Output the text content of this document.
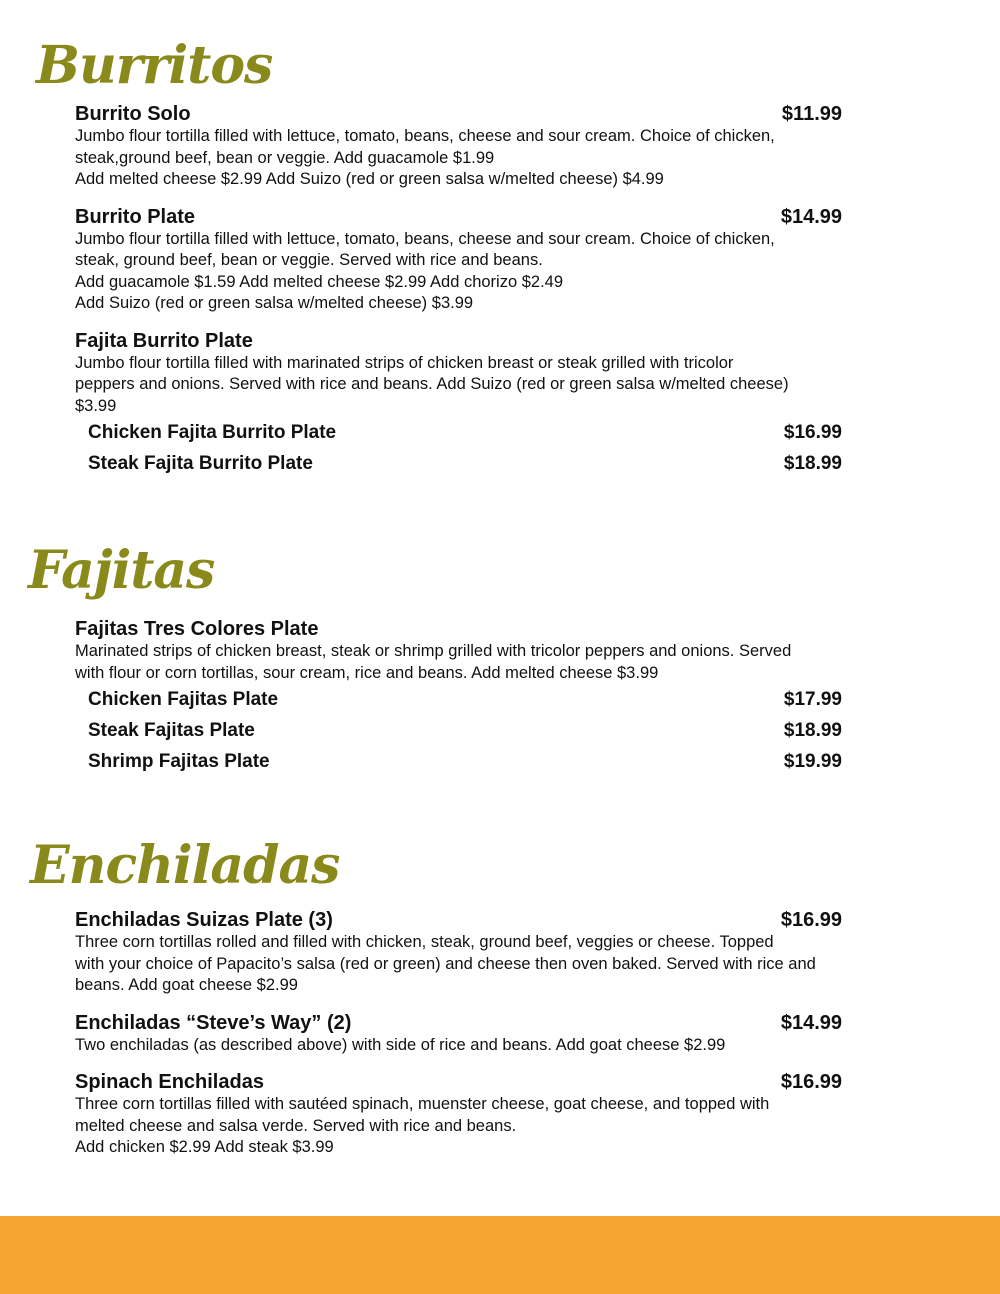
Burritos
Burrito Solo	$11.99

Jumbo flour tortilla filled with lettuce, tomato, beans, cheese and sour cream. Choice of chicken,
steak,ground beef, bean or veggie. Add guacamole $1.99
Add melted cheese $2.99 Add Suizo (red or green salsa w/melted cheese) $4.99

Burrito Plate	$14.99

Jumbo flour tortilla filled with lettuce, tomato, beans, cheese and sour cream. Choice of chicken,
steak, ground beef, bean or veggie. Served with rice and beans.
Add guacamole $1.59 Add melted cheese $2.99 Add chorizo $2.49
Add Suizo (red or green salsa w/melted cheese) $3.99

Fajita Burrito Plate

Jumbo flour tortilla filled with marinated strips of chicken breast or steak grilled with tricolor
peppers and onions. Served with rice and beans. Add Suizo (red or green salsa w/melted cheese)
$3.99

Chicken Fajita Burrito Plate	$16.99
Steak Fajita Burrito Plate	$18.99
Fajitas
Fajitas Tres Colores Plate

Marinated strips of chicken breast, steak or shrimp grilled with tricolor peppers and onions. Served
with flour or corn tortillas, sour cream, rice and beans. Add melted cheese $3.99

Chicken Fajitas Plate	$17.99
Steak Fajitas Plate	$18.99
Shrimp Fajitas Plate	$19.99
Enchiladas
Enchiladas Suizas Plate (3)	$16.99

Three corn tortillas rolled and filled with chicken, steak, ground beef, veggies or cheese. Topped
with your choice of Papacito’s salsa (red or green) and cheese then oven baked. Served with rice and
beans. Add goat cheese $2.99

Enchiladas “Steve’s Way” (2)	$14.99

Two enchiladas (as described above) with side of rice and beans. Add goat cheese $2.99

Spinach Enchiladas	$16.99

Three corn tortillas filled with sautéed spinach, muenster cheese, goat cheese, and topped with
melted cheese and salsa verde. Served with rice and beans.
Add chicken $2.99 Add steak $3.99
